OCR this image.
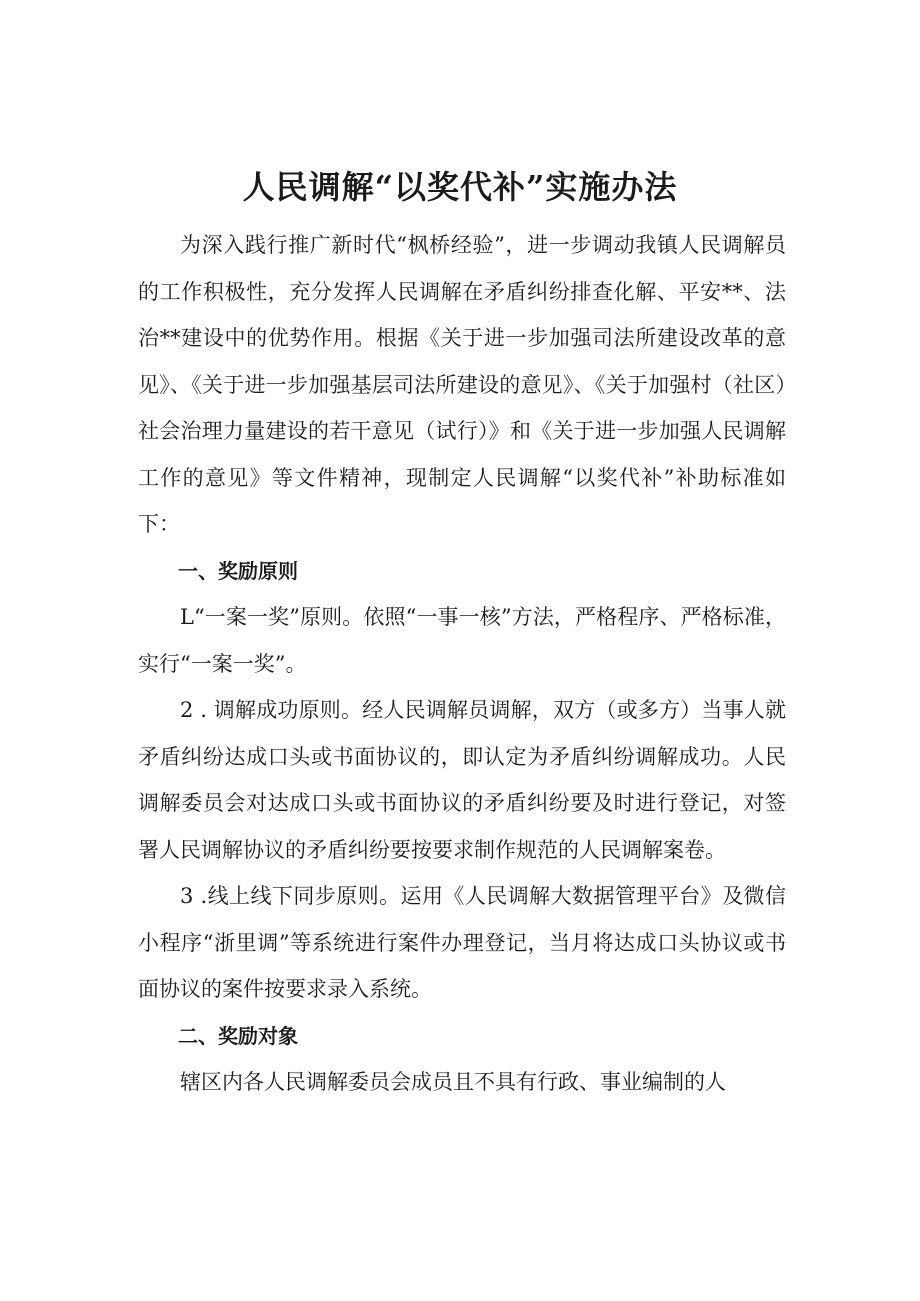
人民调解“以奖代补”实施办法

为深入践行推广新时代“枫桥经验”，进一步调动我镇人民调解员的工作积极性，充分发挥人民调解在矛盾纠纷排查化解、平安**、法治**建设中的优势作用。根据《关于进一步加强司法所建设改革的意见》、《关于进一步加强基层司法所建设的意见》、《关于加强村（社区）社会治理力量建设的若干意见（试行）》和《关于进一步加强人民调解工作的意见》等文件精神，现制定人民调解“以奖代补”补助标准如下：

一、奖励原则

L“一案一奖”原则。依照“一事一核”方法，严格程序、严格标准，实行“一案一奖”。

2 . 调解成功原则。经人民调解员调解，双方（或多方）当事人就矛盾纠纷达成口头或书面协议的，即认定为矛盾纠纷调解成功。人民调解委员会对达成口头或书面协议的矛盾纠纷要及时进行登记，对签署人民调解协议的矛盾纠纷要按要求制作规范的人民调解案卷。

3 .线上线下同步原则。运用《人民调解大数据管理平台》及微信小程序“浙里调”等系统进行案件办理登记，当月将达成口头协议或书面协议的案件按要求录入系统。

二、奖励对象

辖区内各人民调解委员会成员且不具有行政、事业编制的人
